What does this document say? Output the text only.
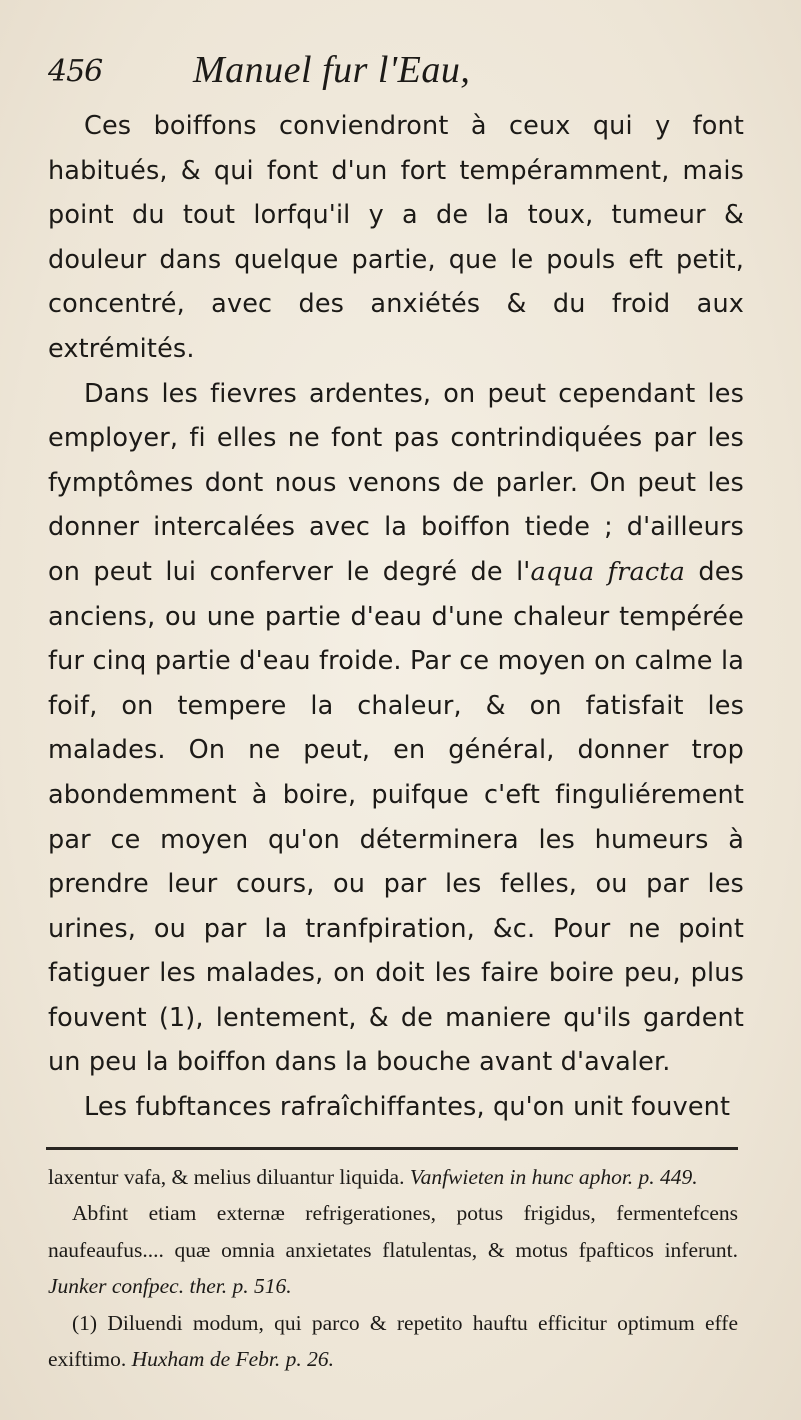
456 Manuel fur l'Eau,

Ces boiffons conviendront à ceux qui y font habitués, & qui font d'un fort tempéramment, mais point du tout lorfqu'il y a de la toux, tumeur & douleur dans quelque partie, que le pouls eft petit, concentré, avec des anxiétés & du froid aux extrémités.

Dans les fievres ardentes, on peut cependant les employer, fi elles ne font pas contrindiquées par les fymptômes dont nous venons de parler. On peut les donner intercalées avec la boiffon tiede ; d'ailleurs on peut lui conferver le degré de l'aqua fracta des anciens, ou une partie d'eau d'une chaleur tempérée fur cinq partie d'eau froide. Par ce moyen on calme la foif, on tempere la chaleur, & on fatisfait les malades. On ne peut, en général, donner trop abondemment à boire, puifque c'eft finguliérement par ce moyen qu'on déterminera les humeurs à prendre leur cours, ou par les felles, ou par les urines, ou par la tranfpiration, &c. Pour ne point fatiguer les malades, on doit les faire boire peu, plus fouvent (1), lentement, & de maniere qu'ils gardent un peu la boiffon dans la bouche avant d'avaler.

Les fubftances rafraîchiffantes, qu'on unit fouvent

laxentur vafa, & melius diluantur liquida. Vanfwieten in hunc aphor. p. 449.

Abfint etiam externæ refrigerationes, potus frigidus, fermentefcens naufeaufus.... quæ omnia anxietates flatulentas, & motus fpafticos inferunt. Junker confpec. ther. p. 516.

(1) Diluendi modum, qui parco & repetito hauftu efficitur optimum effe exiftimo. Huxham de Febr. p. 26.
